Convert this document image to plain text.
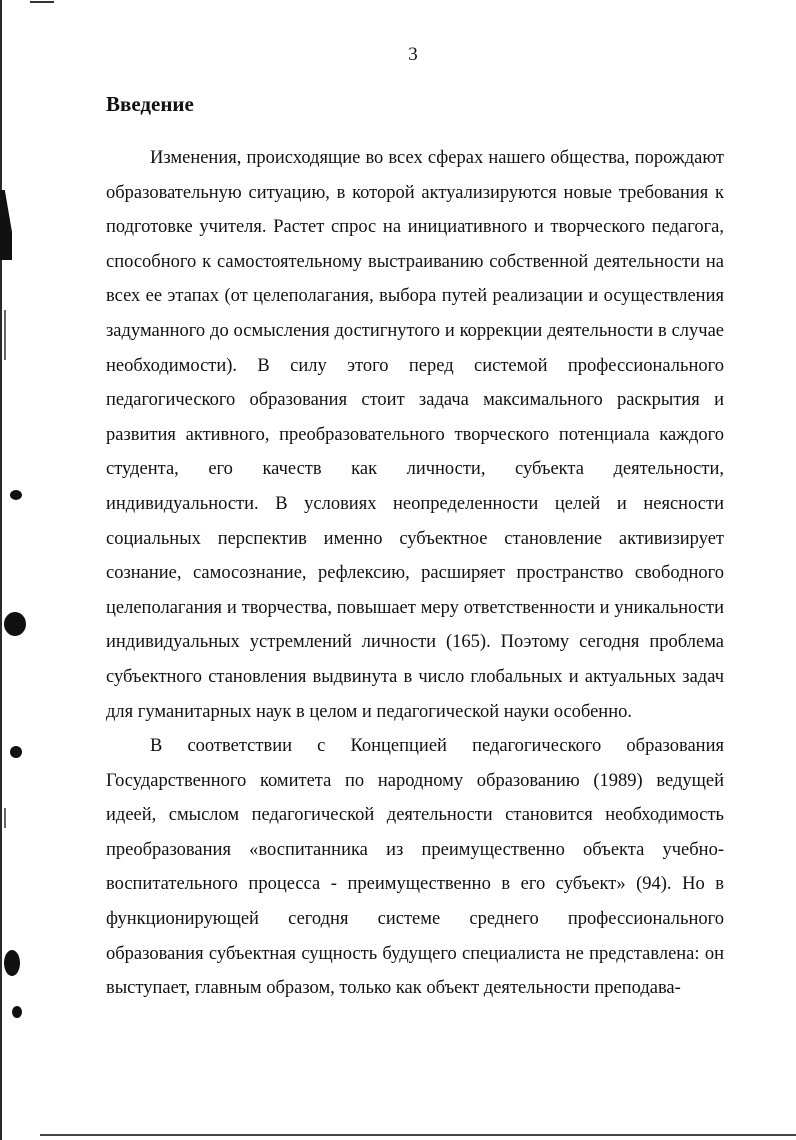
3
Введение

Изменения, происходящие во всех сферах нашего общества, порождают образовательную ситуацию, в которой актуализируются новые требования к подготовке учителя. Растет спрос на инициативного и творческого педагога, способного к самостоятельному выстраиванию собственной деятельности на всех ее этапах (от целеполагания, выбора путей реализации и осуществления задуманного до осмысления достигнутого и коррекции деятельности в случае необходимости). В силу этого перед системой профессионального педагогического образования стоит задача максимального раскрытия и развития активного, преобразовательного творческого потенциала каждого студента, его качеств как личности, субъекта деятельности, индивидуальности. В условиях неопределенности целей и неясности социальных перспектив именно субъектное становление активизирует сознание, самосознание, рефлексию, расширяет пространство свободного целеполагания и творчества, повышает меру ответственности и уникальности индивидуальных устремлений личности (165). Поэтому сегодня проблема субъектного становления выдвинута в число глобальных и актуальных задач для гуманитарных наук в целом и педагогической науки особенно.

В соответствии с Концепцией педагогического образования Государственного комитета по народному образованию (1989) ведущей идеей, смыслом педагогической деятельности становится необходимость преобразования «воспитанника из преимущественно объекта учебно-воспитательного процесса - преимущественно в его субъект» (94). Но в функционирующей сегодня системе среднего профессионального образования субъектная сущность будущего специалиста не представлена: он выступает, главным образом, только как объект деятельности преподава-
